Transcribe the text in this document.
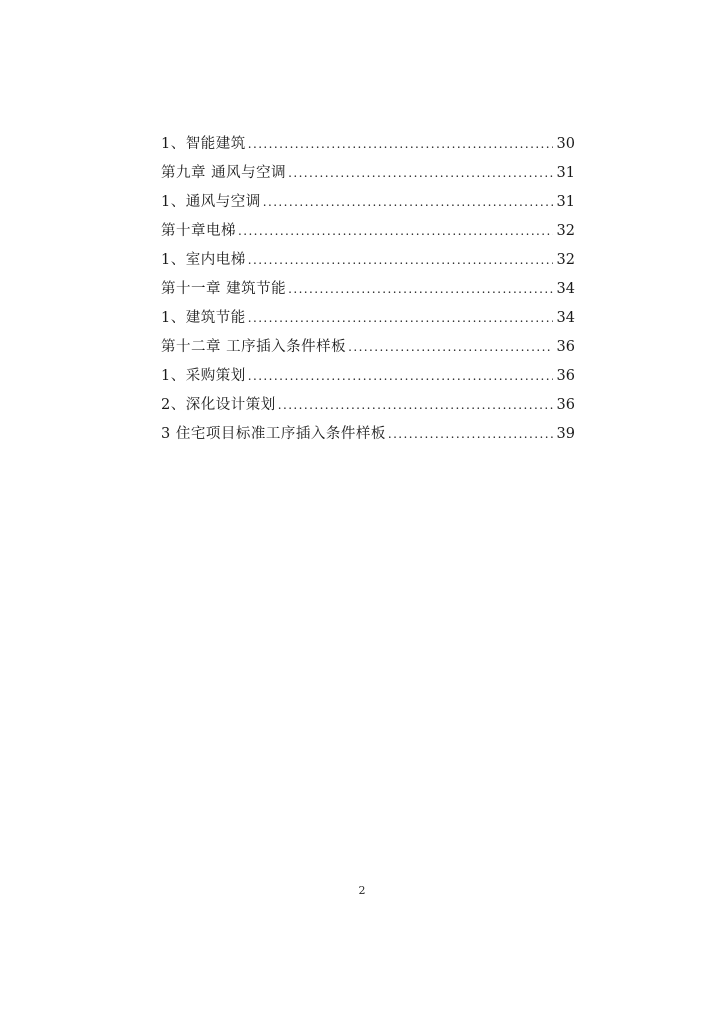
1、智能建筑 . . .	30
第九章 通风与空调 . . .	31
1、通风与空调 . . .	31
第十章电梯 . . .	32
1、室内电梯 . . .	32
第十一章 建筑节能 . . .	34
1、建筑节能 . . .	34
第十二章 工序插入条件样板 . . .	36
1、采购策划 . . .	36
2、深化设计策划 . . .	36
3 住宅项目标准工序插入条件样板 . . .	39
2
